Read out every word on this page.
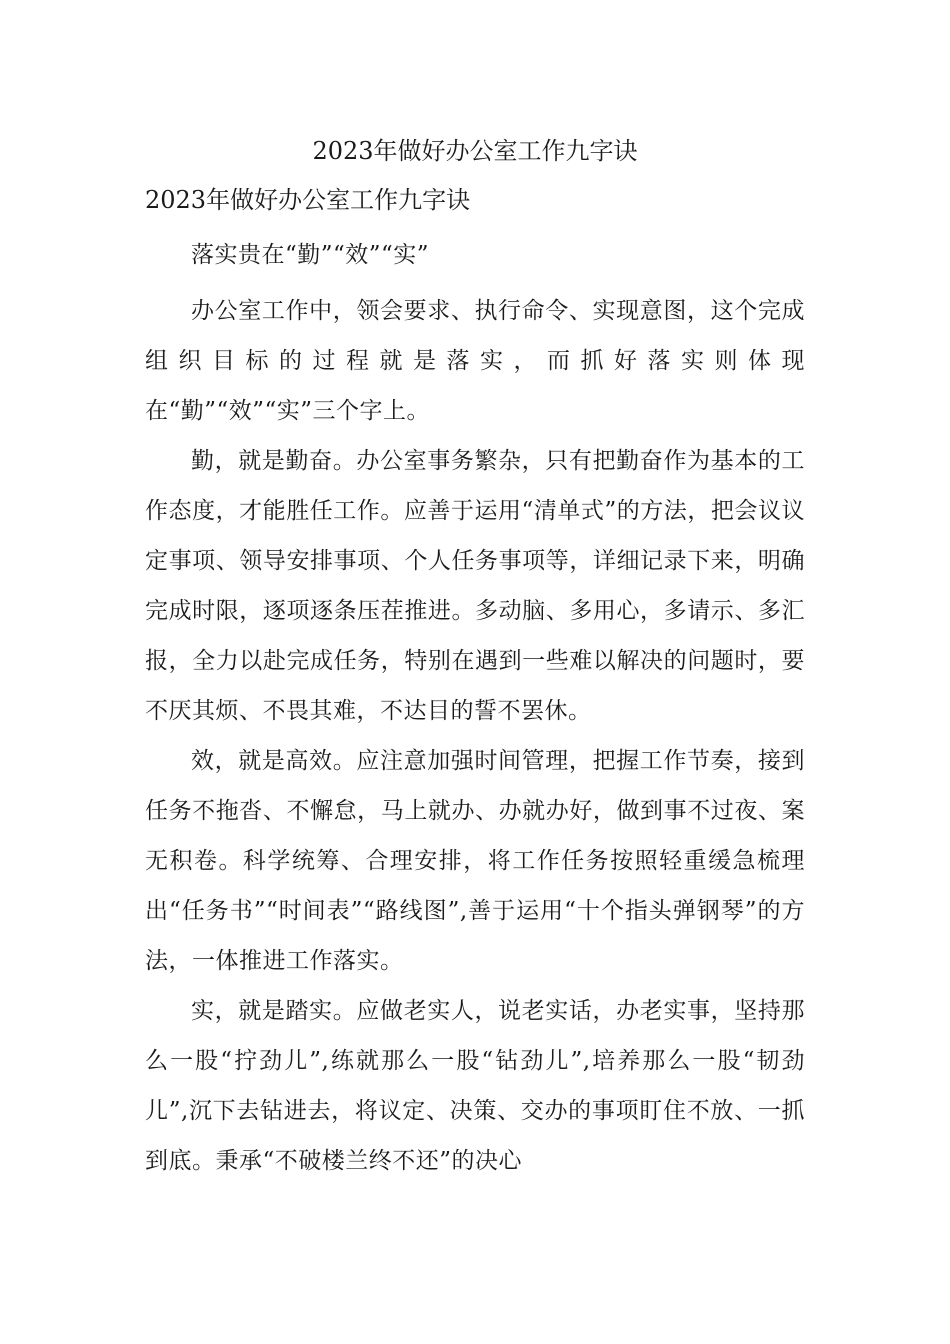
2023年做好办公室工作九字诀
2023年做好办公室工作九字诀

落实贵在“勤”“效”“实”

办公室工作中，领会要求、执行命令、实现意图，这个完成组织目标的过程就是落实，而抓好落实则体现在“勤”“效”“实”三个字上。

勤，就是勤奋。办公室事务繁杂，只有把勤奋作为基本的工作态度，才能胜任工作。应善于运用“清单式”的方法，把会议议定事项、领导安排事项、个人任务事项等，详细记录下来，明确完成时限，逐项逐条压茬推进。多动脑、多用心，多请示、多汇报，全力以赴完成任务，特别在遇到一些难以解决的问题时，要不厌其烦、不畏其难，不达目的誓不罢休。

效，就是高效。应注意加强时间管理，把握工作节奏，接到任务不拖沓、不懈怠，马上就办、办就办好，做到事不过夜、案无积卷。科学统筹、合理安排，将工作任务按照轻重缓急梳理出“任务书”“时间表”“路线图”,善于运用“十个指头弹钢琴”的方法，一体推进工作落实。

实，就是踏实。应做老实人，说老实话，办老实事，坚持那么一股“拧劲儿”,练就那么一股“钻劲儿”,培养那么一股“韧劲儿”,沉下去钻进去，将议定、决策、交办的事项盯住不放、一抓到底。秉承“不破楼兰终不还”的决心
